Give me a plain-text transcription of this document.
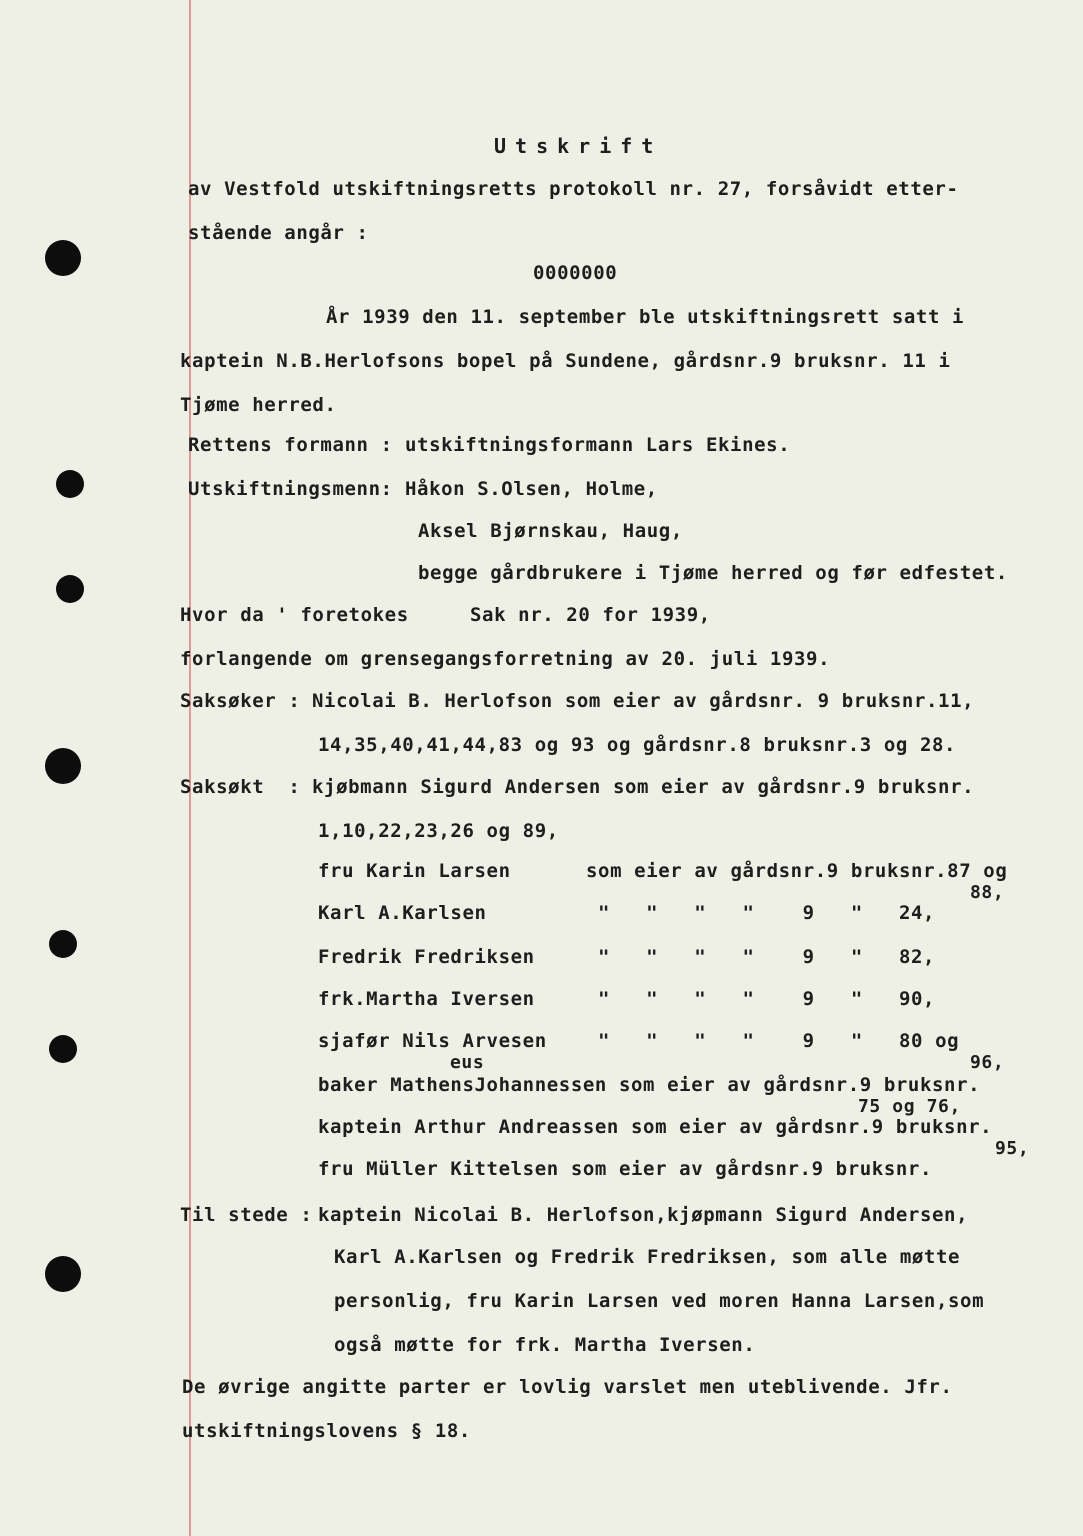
Utskrift
av Vestfold utskiftningsretts protokoll nr. 27, forsåvidt etter-
stående angår :
0000000
År 1939 den 11. september ble utskiftningsrett satt i
kaptein N.B.Herlofsons bopel på Sundene, gårdsnr.9 bruksnr. 11 i
Tjøme herred.
Rettens formann : utskiftningsformann Lars Ekines.
Utskiftningsmenn: Håkon S.Olsen, Holme,
Aksel Bjørnskau, Haug,
begge gårdbrukere i Tjøme herred og før edfestet.
Hvor da ' foretokes	Sak nr. 20 for 1939,
forlangende om grensegangsforretning av 20. juli 1939.
Saksøker : Nicolai B. Herlofson som eier av gårdsnr. 9 bruksnr.11,
14,35,40,41,44,83 og 93 og gårdsnr.8 bruksnr.3 og 28.
Saksøkt  : kjøbmann Sigurd Andersen som eier av gårdsnr.9 bruksnr.
1,10,22,23,26 og 89,
fru Karin Larsen	som eier av gårdsnr.9 bruksnr.87 og
88,
Karl A.Karlsen	"   "   "   "    9   "   24,
Fredrik Fredriksen	"   "   "   "    9   "   82,
frk.Martha Iversen	"   "   "   "    9   "   90,
sjafør Nils Arvesen	"   "   "   "    9   "   80 og
96,
eus
baker MathensJohannessen som eier av gårdsnr.9 bruksnr.
75 og 76,
kaptein Arthur Andreassen som eier av gårdsnr.9 bruksnr.
95,
fru Müller Kittelsen som eier av gårdsnr.9 bruksnr.
Til stede : kaptein Nicolai B. Herlofson,kjøpmann Sigurd Andersen,
Karl A.Karlsen og Fredrik Fredriksen, som alle møtte
personlig, fru Karin Larsen ved moren Hanna Larsen,som
også møtte for frk. Martha Iversen.
De øvrige angitte parter er lovlig varslet men uteblivende. Jfr.
utskiftningslovens § 18.
